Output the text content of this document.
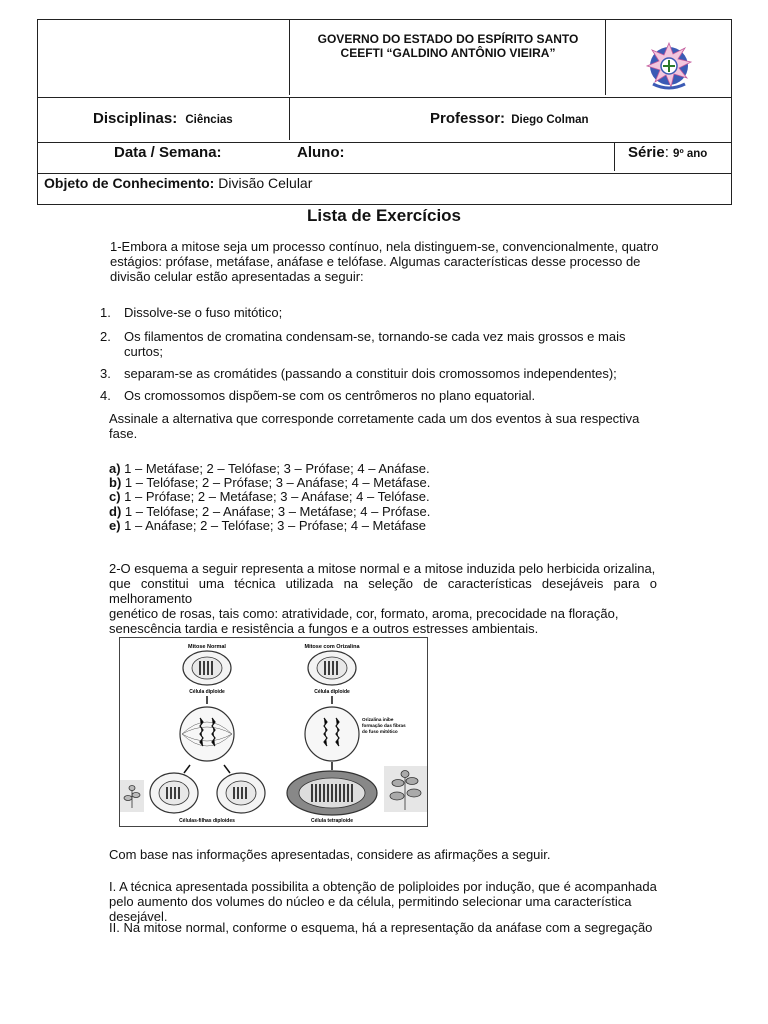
GOVERNO DO ESTADO DO ESPÍRITO SANTO
CEEFTI “GALDINO ANTÔNIO VIEIRA”
Disciplinas: Ciências	Professor: Diego Colman
Data / Semana:	Aluno:	Série: 9º ano
Objeto de Conhecimento: Divisão Celular
Lista de Exercícios
1-Embora a mitose seja um processo contínuo, nela distinguem-se, convencionalmente, quatro
estágios: prófase, metáfase, anáfase e telófase. Algumas características desse processo de
divisão celular estão apresentadas a seguir:
1. Dissolve-se o fuso mitótico;
2. Os filamentos de cromatina condensam-se, tornando-se cada vez mais grossos e mais
curtos;
3. separam-se as cromátides (passando a constituir dois cromossomos independentes);
4. Os cromossomos dispõem-se com os centrômeros no plano equatorial.
Assinale a alternativa que corresponde corretamente cada um dos eventos à sua respectiva
fase.
a) 1 – Metáfase; 2 – Telófase; 3 – Prófase; 4 – Anáfase.
b) 1 – Telófase; 2 – Prófase; 3 – Anáfase; 4 – Metáfase.
c) 1 – Prófase; 2 – Metáfase; 3 – Anáfase; 4 – Telófase.
d) 1 – Telófase; 2 – Anáfase; 3 – Metáfase; 4 – Prófase.
e) 1 – Anáfase; 2 – Telófase; 3 – Prófase; 4 – Metáfase
2-O esquema a seguir representa a mitose normal e a mitose induzida pelo herbicida orizalina,
que constitui uma técnica utilizada na seleção de características desejáveis para o melhoramento
genético de rosas, tais como: atratividade, cor, formato, aroma, precocidade na floração,
senescência tardia e resistência a fungos e a outros estresses ambientais.
Mitose Normal	Mitose com Orizalina
Célula diploide
Células-filhas diploides
Célula diploide
Orizalina inibe
formação das fibras
do fuso mitótico
Célula tetraploide
Com base nas informações apresentadas, considere as afirmações a seguir.
I. A técnica apresentada possibilita a obtenção de poliploides por indução, que é acompanhada
pelo aumento dos volumes do núcleo e da célula, permitindo selecionar uma característica
desejável.
II. Na mitose normal, conforme o esquema, há a representação da anáfase com a segregação
